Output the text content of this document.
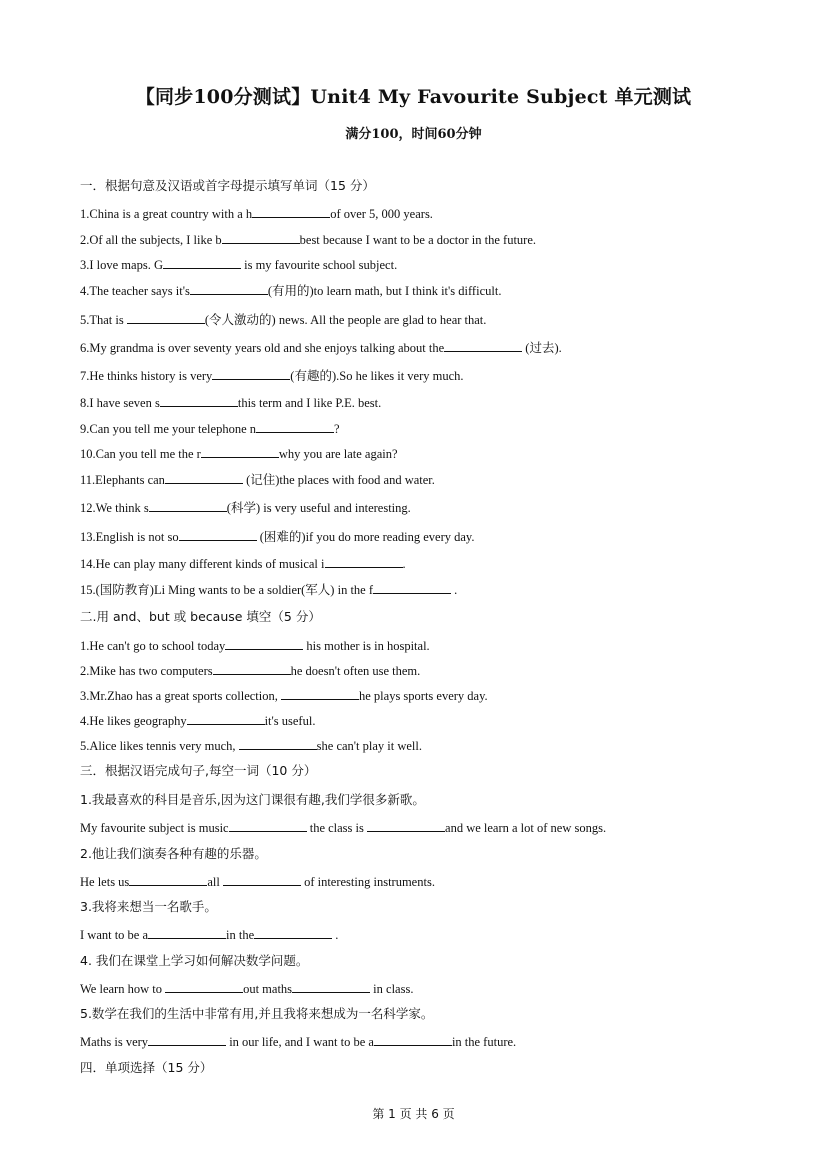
【同步100分测试】Unit4 My Favourite Subject 单元测试
满分100，时间60分钟
一．根据句意及汉语或首字母提示填写单词（15 分）
1.China is a great country with a h	of over 5, 000 years.
2.Of all the subjects, I like b	best because I want to be a doctor in the future.
3.I love maps. G	is my favourite school subject.
4.The teacher says it's	(有用的)to learn math, but I think it's difficult.
5.That is	(令人激动的) news. All the people are glad to hear that.
6.My grandma is over seventy years old and she enjoys talking about the	(过去).
7.He thinks history is very	(有趣的).So he likes it very much.
8.I have seven s	this term and I like P.E. best.
9.Can you tell me your telephone n	?
10.Can you tell me the r	why you are late again?
11.Elephants can	(记住)the places with food and water.
12.We think s	(科学) is very useful and interesting.
13.English is not so	(困难的)if you do more reading every day.
14.He can play many different kinds of musical i	.
15.(国防教育)Li Ming wants to be a soldier(军人) in the f	.
二.用 and、but 或 because 填空（5 分）
1.He can't go to school today	his mother is in hospital.
2.Mike has two computers	he doesn't often use them.
3.Mr.Zhao has a great sports collection,	he plays sports every day.
4.He likes geography	it's useful.
5.Alice likes tennis very much,	she can't play it well.
三．根据汉语完成句子,每空一词（10 分）
1.我最喜欢的科目是音乐,因为这门课很有趣,我们学很多新歌。
My favourite subject is music	the class is	and we learn a lot of new songs.
2.他让我们演奏各种有趣的乐器。
He lets us	all	of interesting instruments.
3.我将来想当一名歌手。
I want to be a	in the	.
4. 我们在课堂上学习如何解决数学问题。
We learn how to	out maths	in class.
5.数学在我们的生活中非常有用,并且我将来想成为一名科学家。
Maths is very	in our life, and I want to be a	in the future.
四．单项选择（15 分）
第 1 页 共 6 页
